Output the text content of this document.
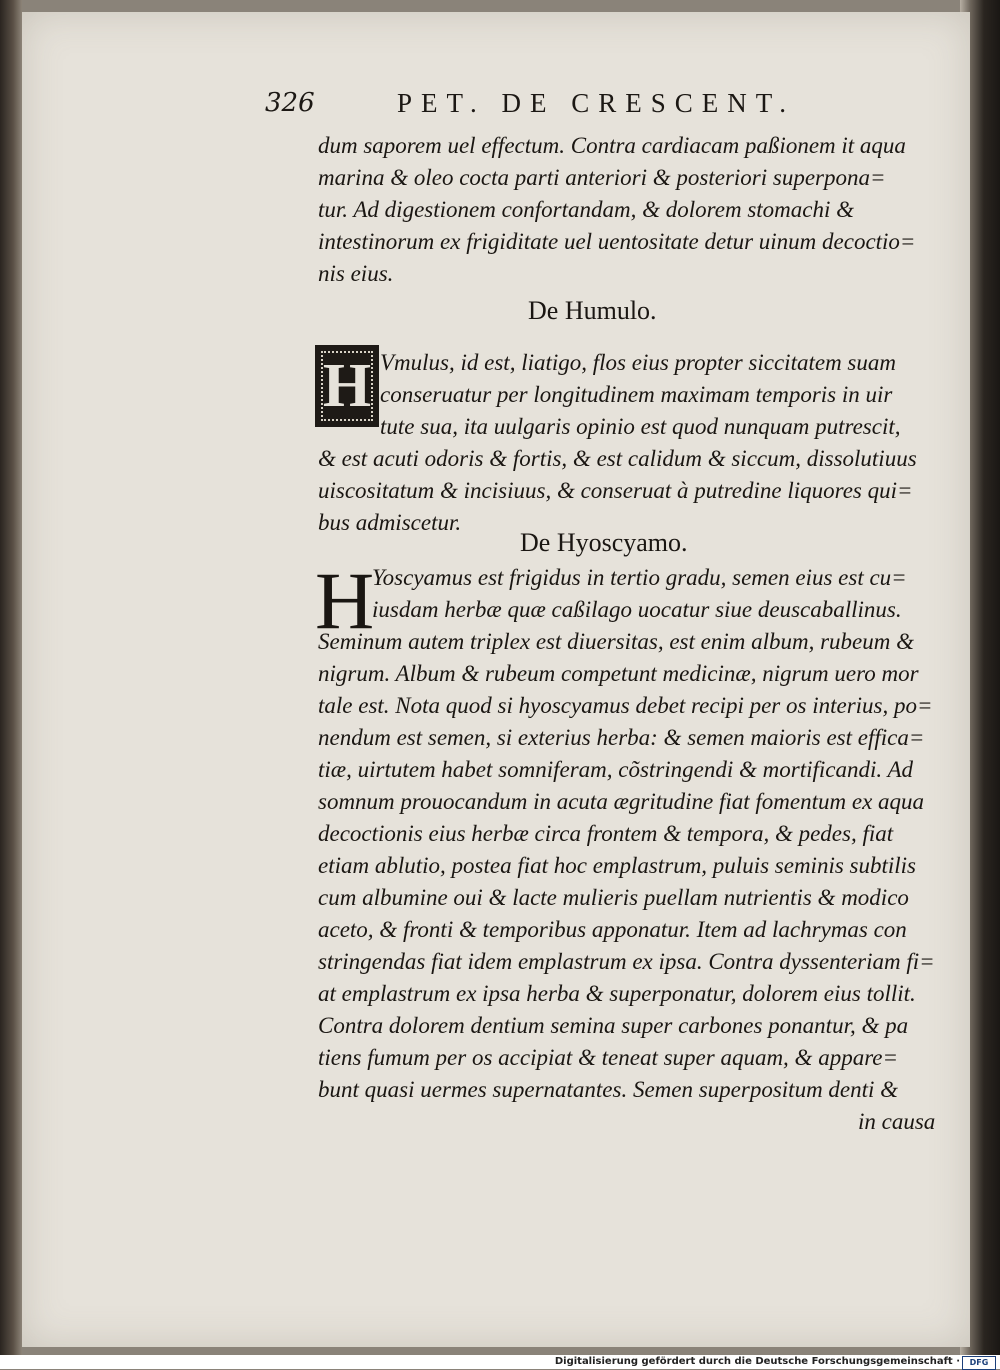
326	PET. DE CRESCENT.
dum saporem uel effectum. Contra cardiacam paßionem it aqua
marina & oleo cocta parti anteriori & posteriori superpona=
tur. Ad digestionem confortandam, & dolorem stomachi &
intestinorum ex frigiditate uel uentositate detur uinum decoctio=
nis eius.
De Humulo.
H Vmulus, id est, liatigo, flos eius propter siccitatem suam
conseruatur per longitudinem maximam temporis in uir
tute sua, ita uulgaris opinio est quod nunquam putrescit,
& est acuti odoris & fortis, & est calidum & siccum, dissolutiuus
uiscositatum & incisiuus, & conseruat à putredine liquores qui=
bus admiscetur.
De Hyoscyamo.
H
Yoscyamus est frigidus in tertio gradu, semen eius est cu=
iusdam herbæ quæ caßilago uocatur siue deuscaballinus.
Seminum autem triplex est diuersitas, est enim album, rubeum &
nigrum. Album & rubeum competunt medicinæ, nigrum uero mor
tale est. Nota quod si hyoscyamus debet recipi per os interius, po=
nendum est semen, si exterius herba: & semen maioris est effica=
tiæ, uirtutem habet somniferam, cõstringendi & mortificandi. Ad
somnum prouocandum in acuta ægritudine fiat fomentum ex aqua
decoctionis eius herbæ circa frontem & tempora, & pedes, fiat
etiam ablutio, postea fiat hoc emplastrum, puluis seminis subtilis
cum albumine oui & lacte mulieris puellam nutrientis & modico
aceto, & fronti & temporibus apponatur. Item ad lachrymas con
stringendas fiat idem emplastrum ex ipsa. Contra dyssenteriam fi=
at emplastrum ex ipsa herba & superponatur, dolorem eius tollit.
Contra dolorem dentium semina super carbones ponantur, & pa
tiens fumum per os accipiat & teneat super aquam, & appare=
bunt quasi uermes supernatantes. Semen superpositum denti &
in causa
Digitalisierung gefördert durch die Deutsche Forschungsgemeinschaft ·	DFG
